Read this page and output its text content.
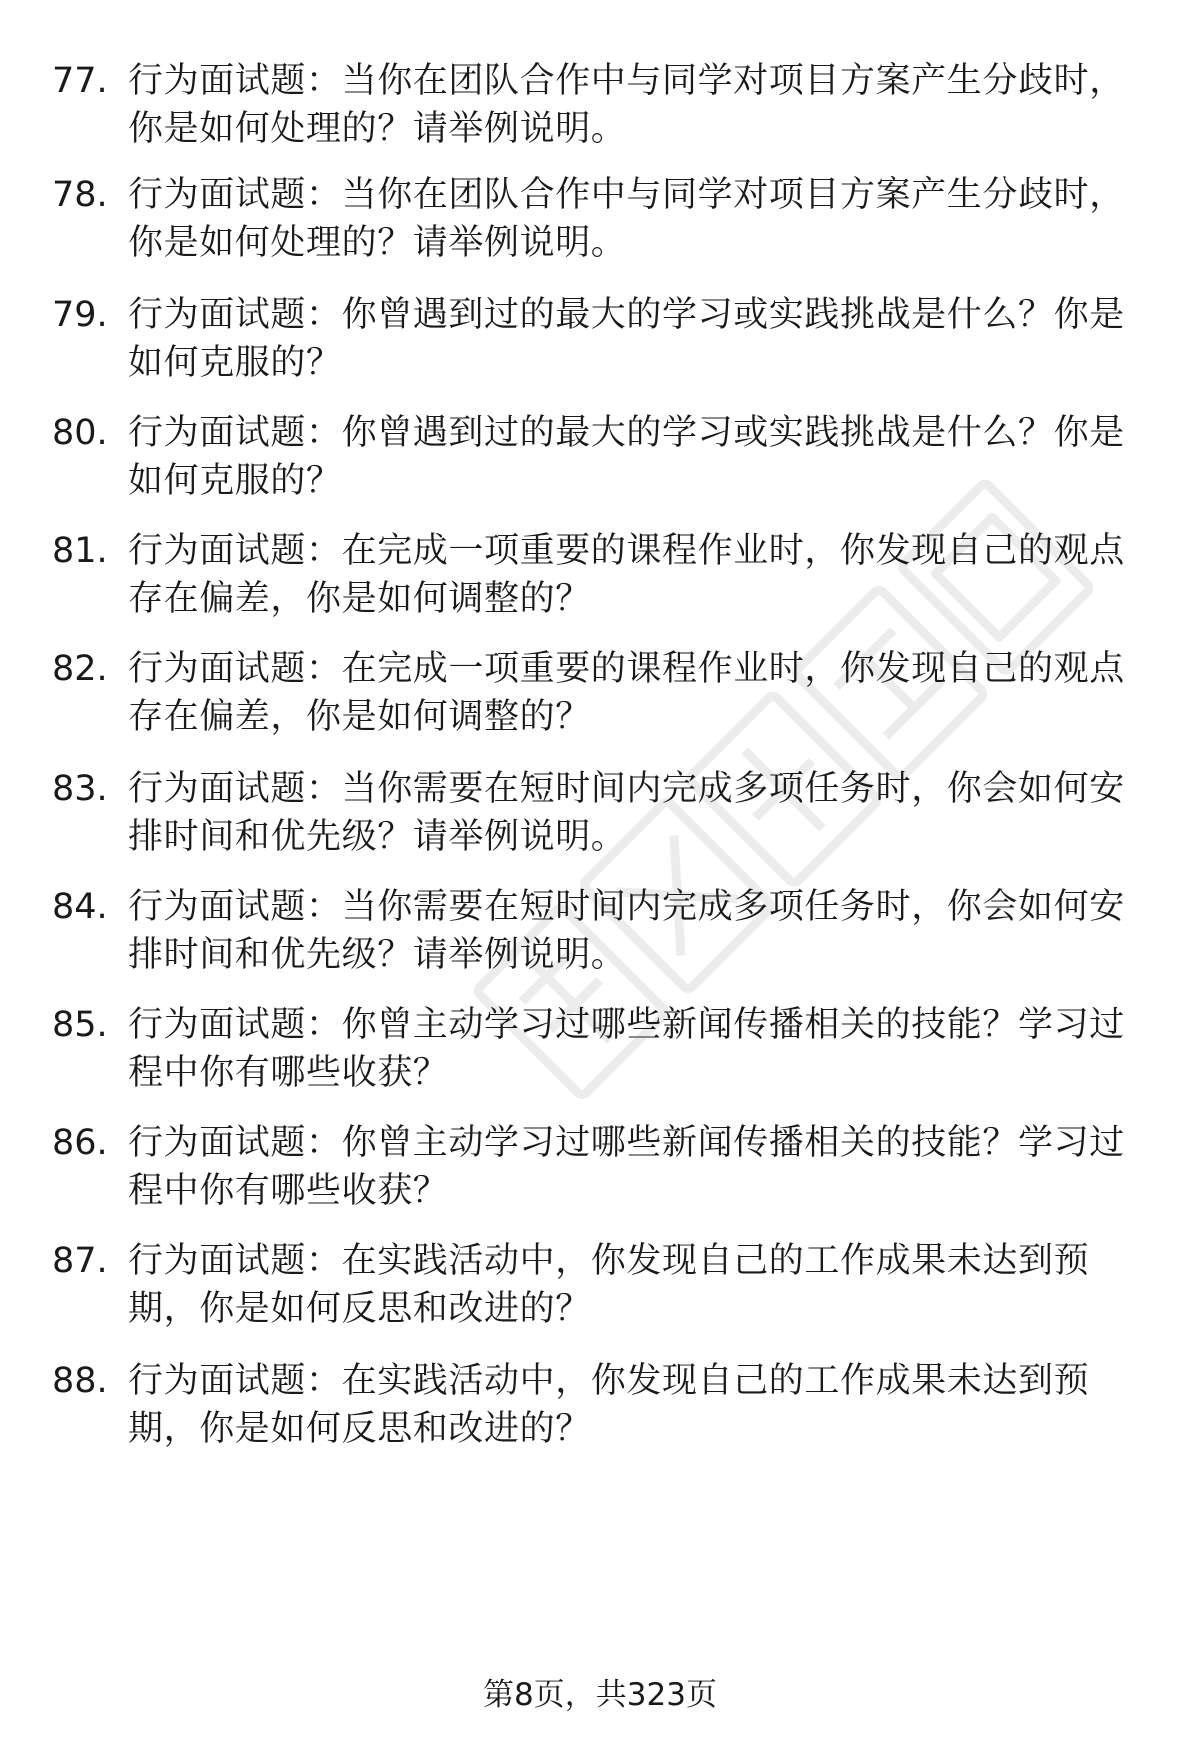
77. 行为面试题：当你在团队合作中与同学对项目方案产生分歧时，你是如何处理的？请举例说明。
78. 行为面试题：当你在团队合作中与同学对项目方案产生分歧时，你是如何处理的？请举例说明。
79. 行为面试题：你曾遇到过的最大的学习或实践挑战是什么？你是如何克服的？
80. 行为面试题：你曾遇到过的最大的学习或实践挑战是什么？你是如何克服的？
81. 行为面试题：在完成一项重要的课程作业时，你发现自己的观点存在偏差，你是如何调整的？
82. 行为面试题：在完成一项重要的课程作业时，你发现自己的观点存在偏差，你是如何调整的？
83. 行为面试题：当你需要在短时间内完成多项任务时，你会如何安排时间和优先级？请举例说明。
84. 行为面试题：当你需要在短时间内完成多项任务时，你会如何安排时间和优先级？请举例说明。
85. 行为面试题：你曾主动学习过哪些新闻传播相关的技能？学习过程中你有哪些收获？
86. 行为面试题：你曾主动学习过哪些新闻传播相关的技能？学习过程中你有哪些收获？
87. 行为面试题：在实践活动中，你发现自己的工作成果未达到预期，你是如何反思和改进的？
88. 行为面试题：在实践活动中，你发现自己的工作成果未达到预期，你是如何反思和改进的？
第8页，共323页
